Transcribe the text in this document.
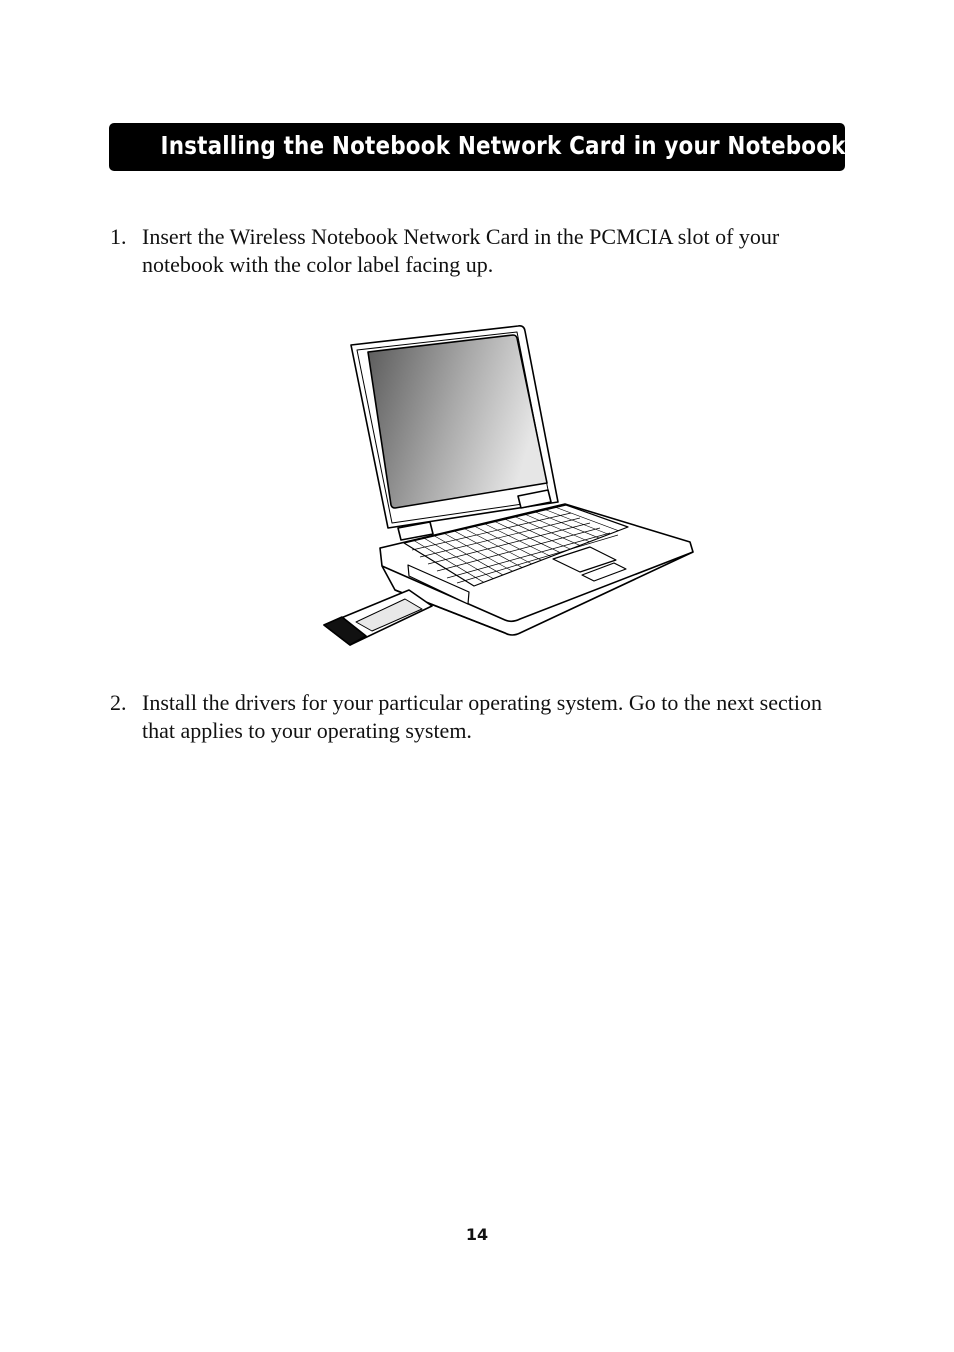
Installing the Notebook Network Card in your Notebook PC
1. Insert the Wireless Notebook Network Card in the PCMCIA slot of your notebook with the color label facing up.
2. Install the drivers for your particular operating system. Go to the next section that applies to your operating system.
14
